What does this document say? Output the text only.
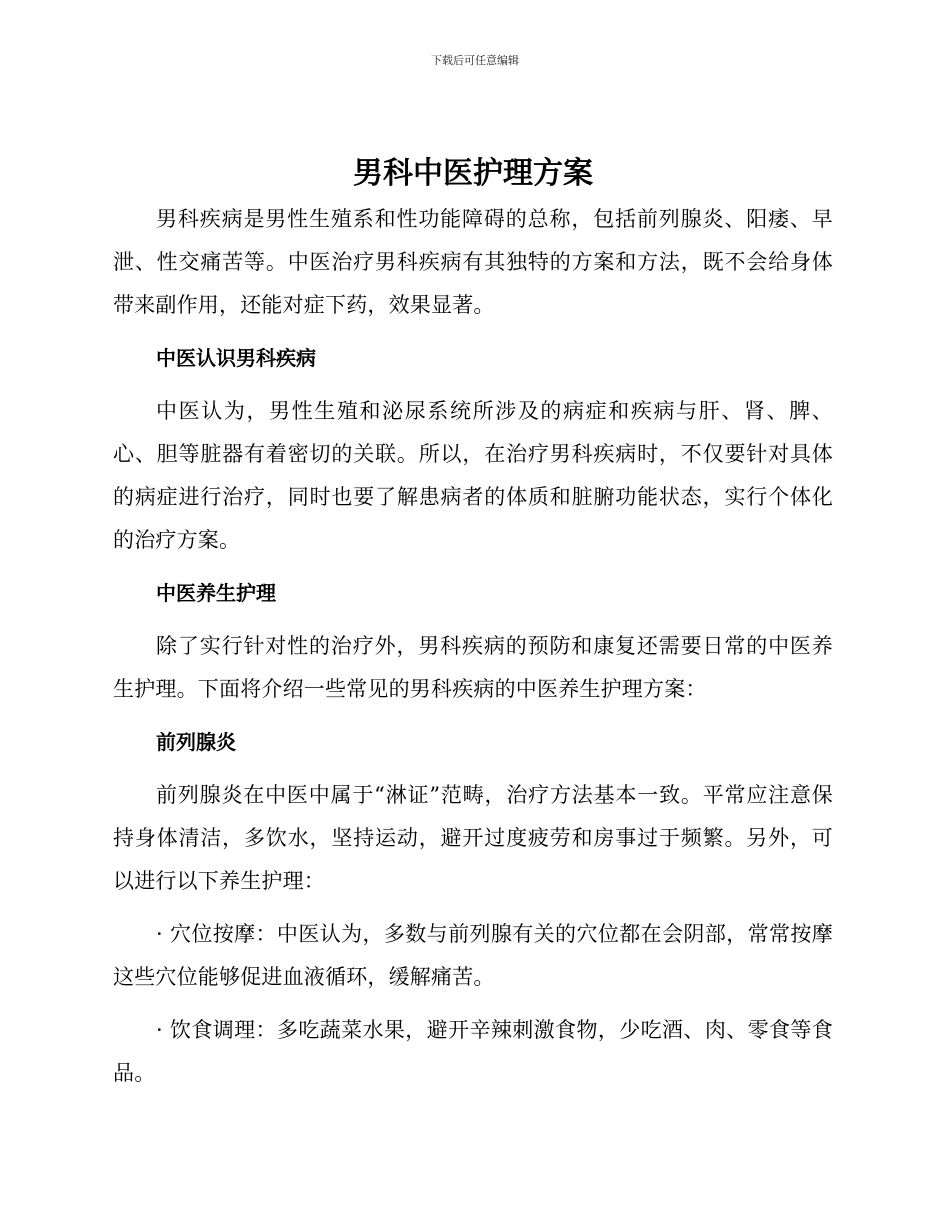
下载后可任意编辑
男科中医护理方案

男科疾病是男性生殖系和性功能障碍的总称，包括前列腺炎、阳痿、早泄、性交痛苦等。中医治疗男科疾病有其独特的方案和方法，既不会给身体带来副作用，还能对症下药，效果显著。

中医认识男科疾病

中医认为，男性生殖和泌尿系统所涉及的病症和疾病与肝、肾、脾、心、胆等脏器有着密切的关联。所以，在治疗男科疾病时，不仅要针对具体的病症进行治疗，同时也要了解患病者的体质和脏腑功能状态，实行个体化的治疗方案。

中医养生护理

除了实行针对性的治疗外，男科疾病的预防和康复还需要日常的中医养生护理。下面将介绍一些常见的男科疾病的中医养生护理方案：

前列腺炎

前列腺炎在中医中属于“淋证”范畴，治疗方法基本一致。平常应注意保持身体清洁，多饮水，坚持运动，避开过度疲劳和房事过于频繁。另外，可以进行以下养生护理：

· 穴位按摩：中医认为，多数与前列腺有关的穴位都在会阴部，常常按摩这些穴位能够促进血液循环，缓解痛苦。

· 饮食调理：多吃蔬菜水果，避开辛辣刺激食物，少吃酒、肉、零食等食品。
